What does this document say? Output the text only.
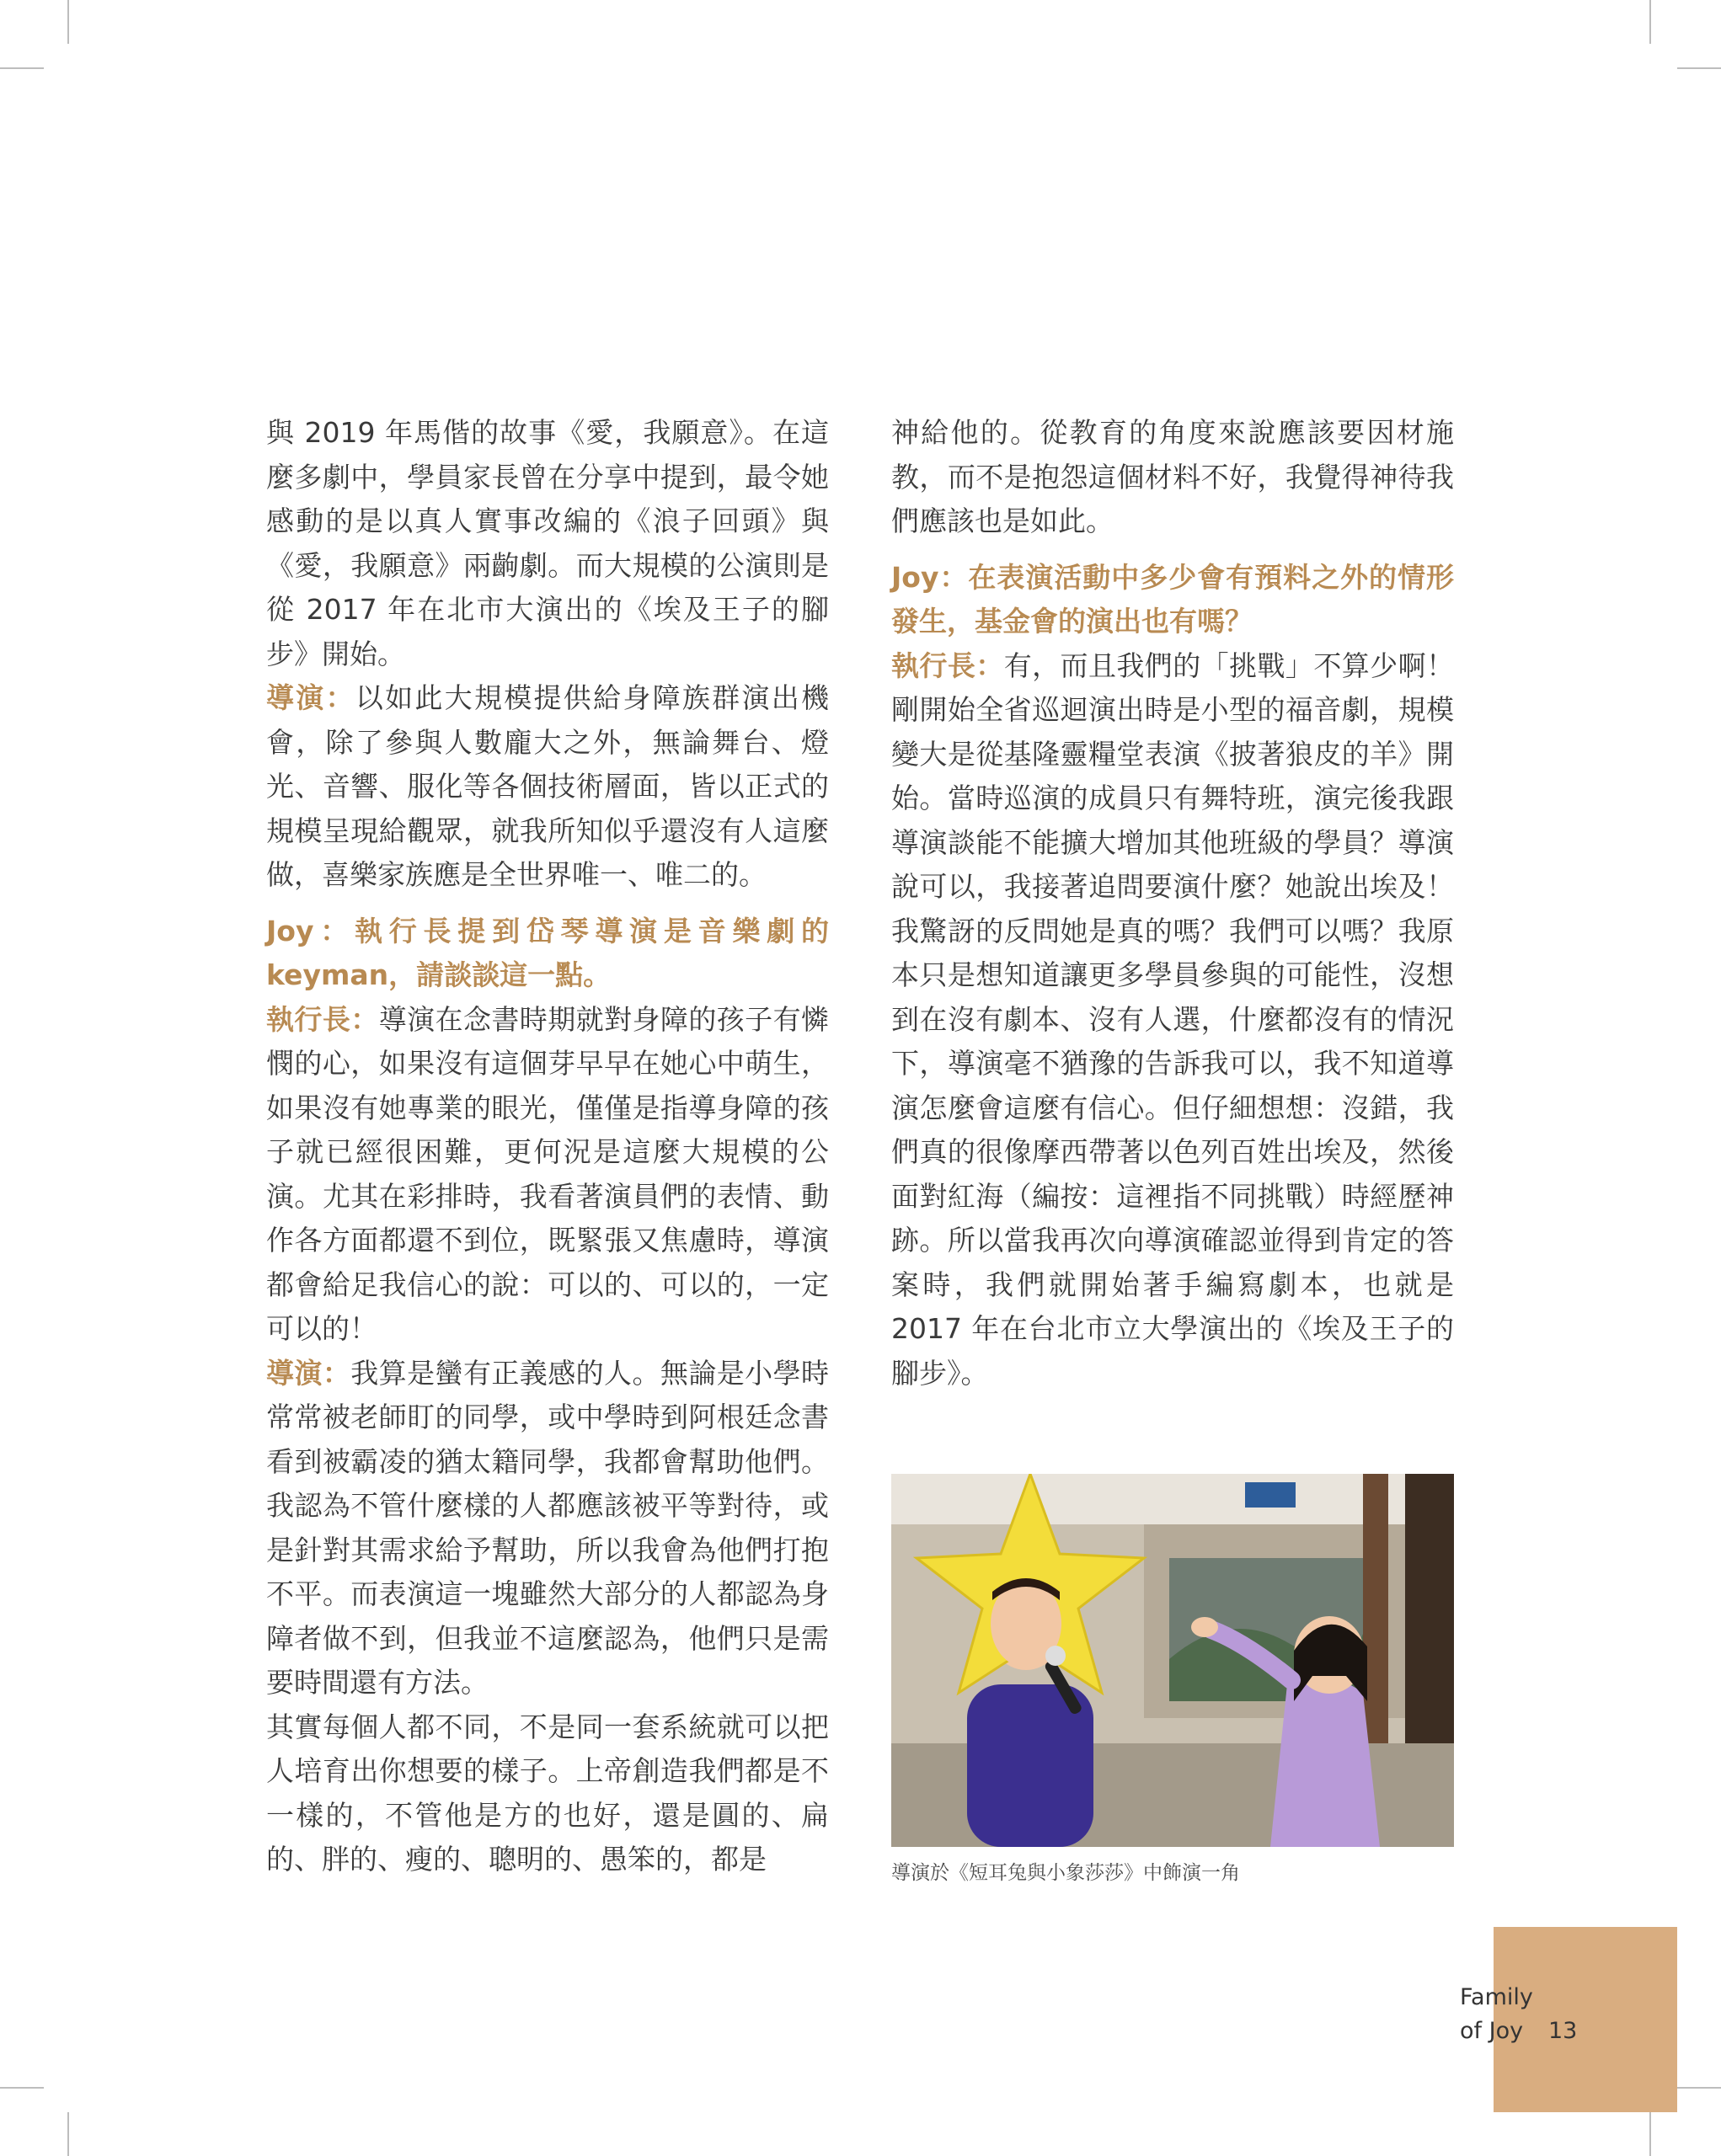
與 2019 年馬偕的故事《愛，我願意》。在這麼多劇中，學員家長曾在分享中提到，最令她感動的是以真人實事改編的《浪子回頭》與《愛，我願意》兩齣劇。而大規模的公演則是從 2017 年在北市大演出的《埃及王子的腳步》開始。

導演：以如此大規模提供給身障族群演出機會，除了參與人數龐大之外，無論舞台、燈光、音響、服化等各個技術層面，皆以正式的規模呈現給觀眾，就我所知似乎還沒有人這麼做，喜樂家族應是全世界唯一、唯二的。

Joy：執行長提到岱琴導演是音樂劇的keyman，請談談這一點。

執行長：導演在念書時期就對身障的孩子有憐憫的心，如果沒有這個芽早早在她心中萌生，如果沒有她專業的眼光，僅僅是指導身障的孩子就已經很困難，更何況是這麼大規模的公演。尤其在彩排時，我看著演員們的表情、動作各方面都還不到位，既緊張又焦慮時，導演都會給足我信心的說：可以的、可以的，一定可以的！

導演：我算是蠻有正義感的人。無論是小學時常常被老師盯的同學，或中學時到阿根廷念書看到被霸凌的猶太籍同學，我都會幫助他們。我認為不管什麼樣的人都應該被平等對待，或是針對其需求給予幫助，所以我會為他們打抱不平。而表演這一塊雖然大部分的人都認為身障者做不到，但我並不這麼認為，他們只是需要時間還有方法。

其實每個人都不同，不是同一套系統就可以把人培育出你想要的樣子。上帝創造我們都是不一樣的，不管他是方的也好，還是圓的、扁的、胖的、瘦的、聰明的、愚笨的，都是

神給他的。從教育的角度來說應該要因材施教，而不是抱怨這個材料不好，我覺得神待我們應該也是如此。

Joy：在表演活動中多少會有預料之外的情形發生，基金會的演出也有嗎？

執行長：有，而且我們的「挑戰」不算少啊！剛開始全省巡迴演出時是小型的福音劇，規模變大是從基隆靈糧堂表演《披著狼皮的羊》開始。當時巡演的成員只有舞特班，演完後我跟導演談能不能擴大增加其他班級的學員？導演說可以，我接著追問要演什麼？她說出埃及！我驚訝的反問她是真的嗎？我們可以嗎？我原本只是想知道讓更多學員參與的可能性，沒想到在沒有劇本、沒有人選，什麼都沒有的情況下，導演毫不猶豫的告訴我可以，我不知道導演怎麼會這麼有信心。但仔細想想：沒錯，我們真的很像摩西帶著以色列百姓出埃及，然後面對紅海（編按：這裡指不同挑戰）時經歷神跡。所以當我再次向導演確認並得到肯定的答案時，我們就開始著手編寫劇本，也就是 2017 年在台北市立大學演出的《埃及王子的腳步》。

導演於《短耳兔與小象莎莎》中飾演一角
Family
of Joy	13
